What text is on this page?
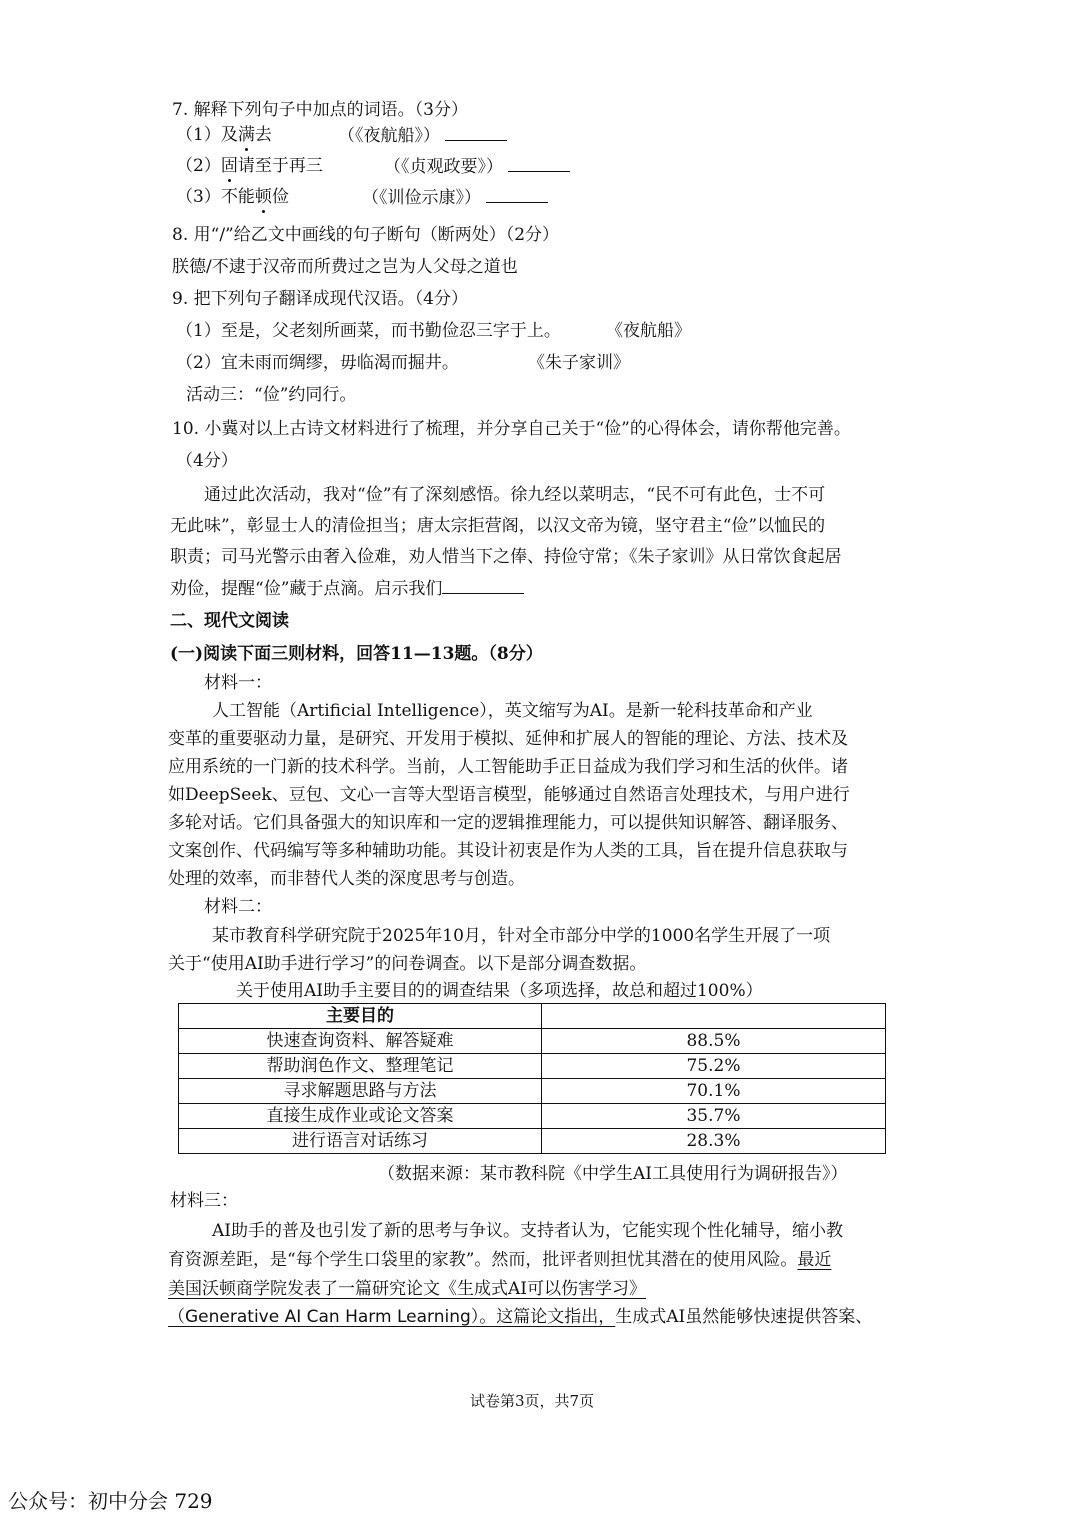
7. 解释下列句子中加点的词语。（3分）
（1）及满去	（《夜航船》）
（2）固请至于再三	（《贞观政要》）
（3）不能顿俭	（《训俭示康》）
8. 用“/”给乙文中画线的句子断句（断两处）（2分）
朕德/不逮于汉帝而所费过之岂为人父母之道也
9. 把下列句子翻译成现代汉语。（4分）
（1）至是，父老刻所画菜，而书勤俭忍三字于上。	《夜航船》
（2）宜未雨而绸缪，毋临渴而掘井。	《朱子家训》
活动三：“俭”约同行。
10. 小冀对以上古诗文材料进行了梳理，并分享自己关于“俭”的心得体会，请你帮他完善。
（4分）
通过此次活动，我对“俭”有了深刻感悟。徐九经以菜明志，“民不可有此色，士不可
无此味”，彰显士人的清俭担当；唐太宗拒营阁，以汉文帝为镜，坚守君主“俭”以恤民的
职责；司马光警示由奢入俭难，劝人惜当下之俸、持俭守常；《朱子家训》从日常饮食起居
劝俭，提醒“俭”藏于点滴。启示我们
二、现代文阅读
(一)阅读下面三则材料，回答11—13题。（8分）
材料一：
人工智能（Artificial Intelligence），英文缩写为AI。是新一轮科技革命和产业
变革的重要驱动力量，是研究、开发用于模拟、延伸和扩展人的智能的理论、方法、技术及
应用系统的一门新的技术科学。当前，人工智能助手正日益成为我们学习和生活的伙伴。诸
如DeepSeek、豆包、文心一言等大型语言模型，能够通过自然语言处理技术，与用户进行
多轮对话。它们具备强大的知识库和一定的逻辑推理能力，可以提供知识解答、翻译服务、
文案创作、代码编写等多种辅助功能。其设计初衷是作为人类的工具，旨在提升信息获取与
处理的效率，而非替代人类的深度思考与创造。
材料二：
某市教育科学研究院于2025年10月，针对全市部分中学的1000名学生开展了一项
关于“使用AI助手进行学习”的问卷调查。以下是部分调查数据。
关于使用AI助手主要目的的调查结果（多项选择，故总和超过100%）
主要目的	
快速查询资料、解答疑难	88.5%
帮助润色作文、整理笔记	75.2%
寻求解题思路与方法	70.1%
直接生成作业或论文答案	35.7%
进行语言对话练习	28.3%
（数据来源：某市教科院《中学生AI工具使用行为调研报告》）
材料三：
AI助手的普及也引发了新的思考与争议。支持者认为，它能实现个性化辅导，缩小教
育资源差距，是“每个学生口袋里的家教”。然而，批评者则担忧其潜在的使用风险。最近
美国沃顿商学院发表了一篇研究论文《生成式AI可以伤害学习》
（Generative AI Can Harm Learning）。这篇论文指出，生成式AI虽然能够快速提供答案、
试卷第3页，共7页
公众号：初中分会 729
